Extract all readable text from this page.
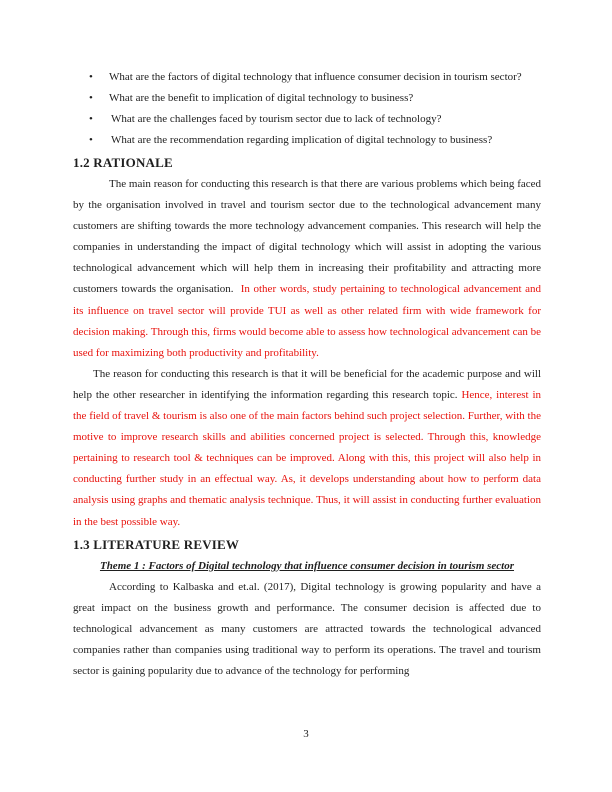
• What are the factors of digital technology that influence consumer decision in tourism sector?
• What are the benefit to implication of digital technology to business?
• What are the challenges faced by tourism sector due to lack of technology?
• What are the recommendation regarding implication of digital technology to business?
1.2 RATIONALE

The main reason for conducting this research is that there are various problems which being faced by the organisation involved in travel and tourism sector due to the technological advancement many customers are shifting towards the more technology advancement companies. This research will help the companies in understanding the impact of digital technology which will assist in adopting the various technological advancement which will help them in increasing their profitability and attracting more customers towards the organisation. In other words, study pertaining to technological advancement and its influence on travel sector will provide TUI as well as other related firm with wide framework for decision making. Through this, firms would become able to assess how technological advancement can be used for maximizing both productivity and profitability.

The reason for conducting this research is that it will be beneficial for the academic purpose and will help the other researcher in identifying the information regarding this research topic. Hence, interest in the field of travel & tourism is also one of the main factors behind such project selection. Further, with the motive to improve research skills and abilities concerned project is selected. Through this, knowledge pertaining to research tool & techniques can be improved. Along with this, this project will also help in conducting further study in an effectual way. As, it develops understanding about how to perform data analysis using graphs and thematic analysis technique. Thus, it will assist in conducting further evaluation in the best possible way.

1.3 LITERATURE REVIEW

Theme 1 : Factors of Digital technology that influence consumer decision in tourism sector

According to Kalbaska and et.al. (2017), Digital technology is growing popularity and have a great impact on the business growth and performance. The consumer decision is affected due to technological advancement as many customers are attracted towards the technological advanced companies rather than companies using traditional way to perform its operations. The travel and tourism sector is gaining popularity due to advance of the technology for performing

3
